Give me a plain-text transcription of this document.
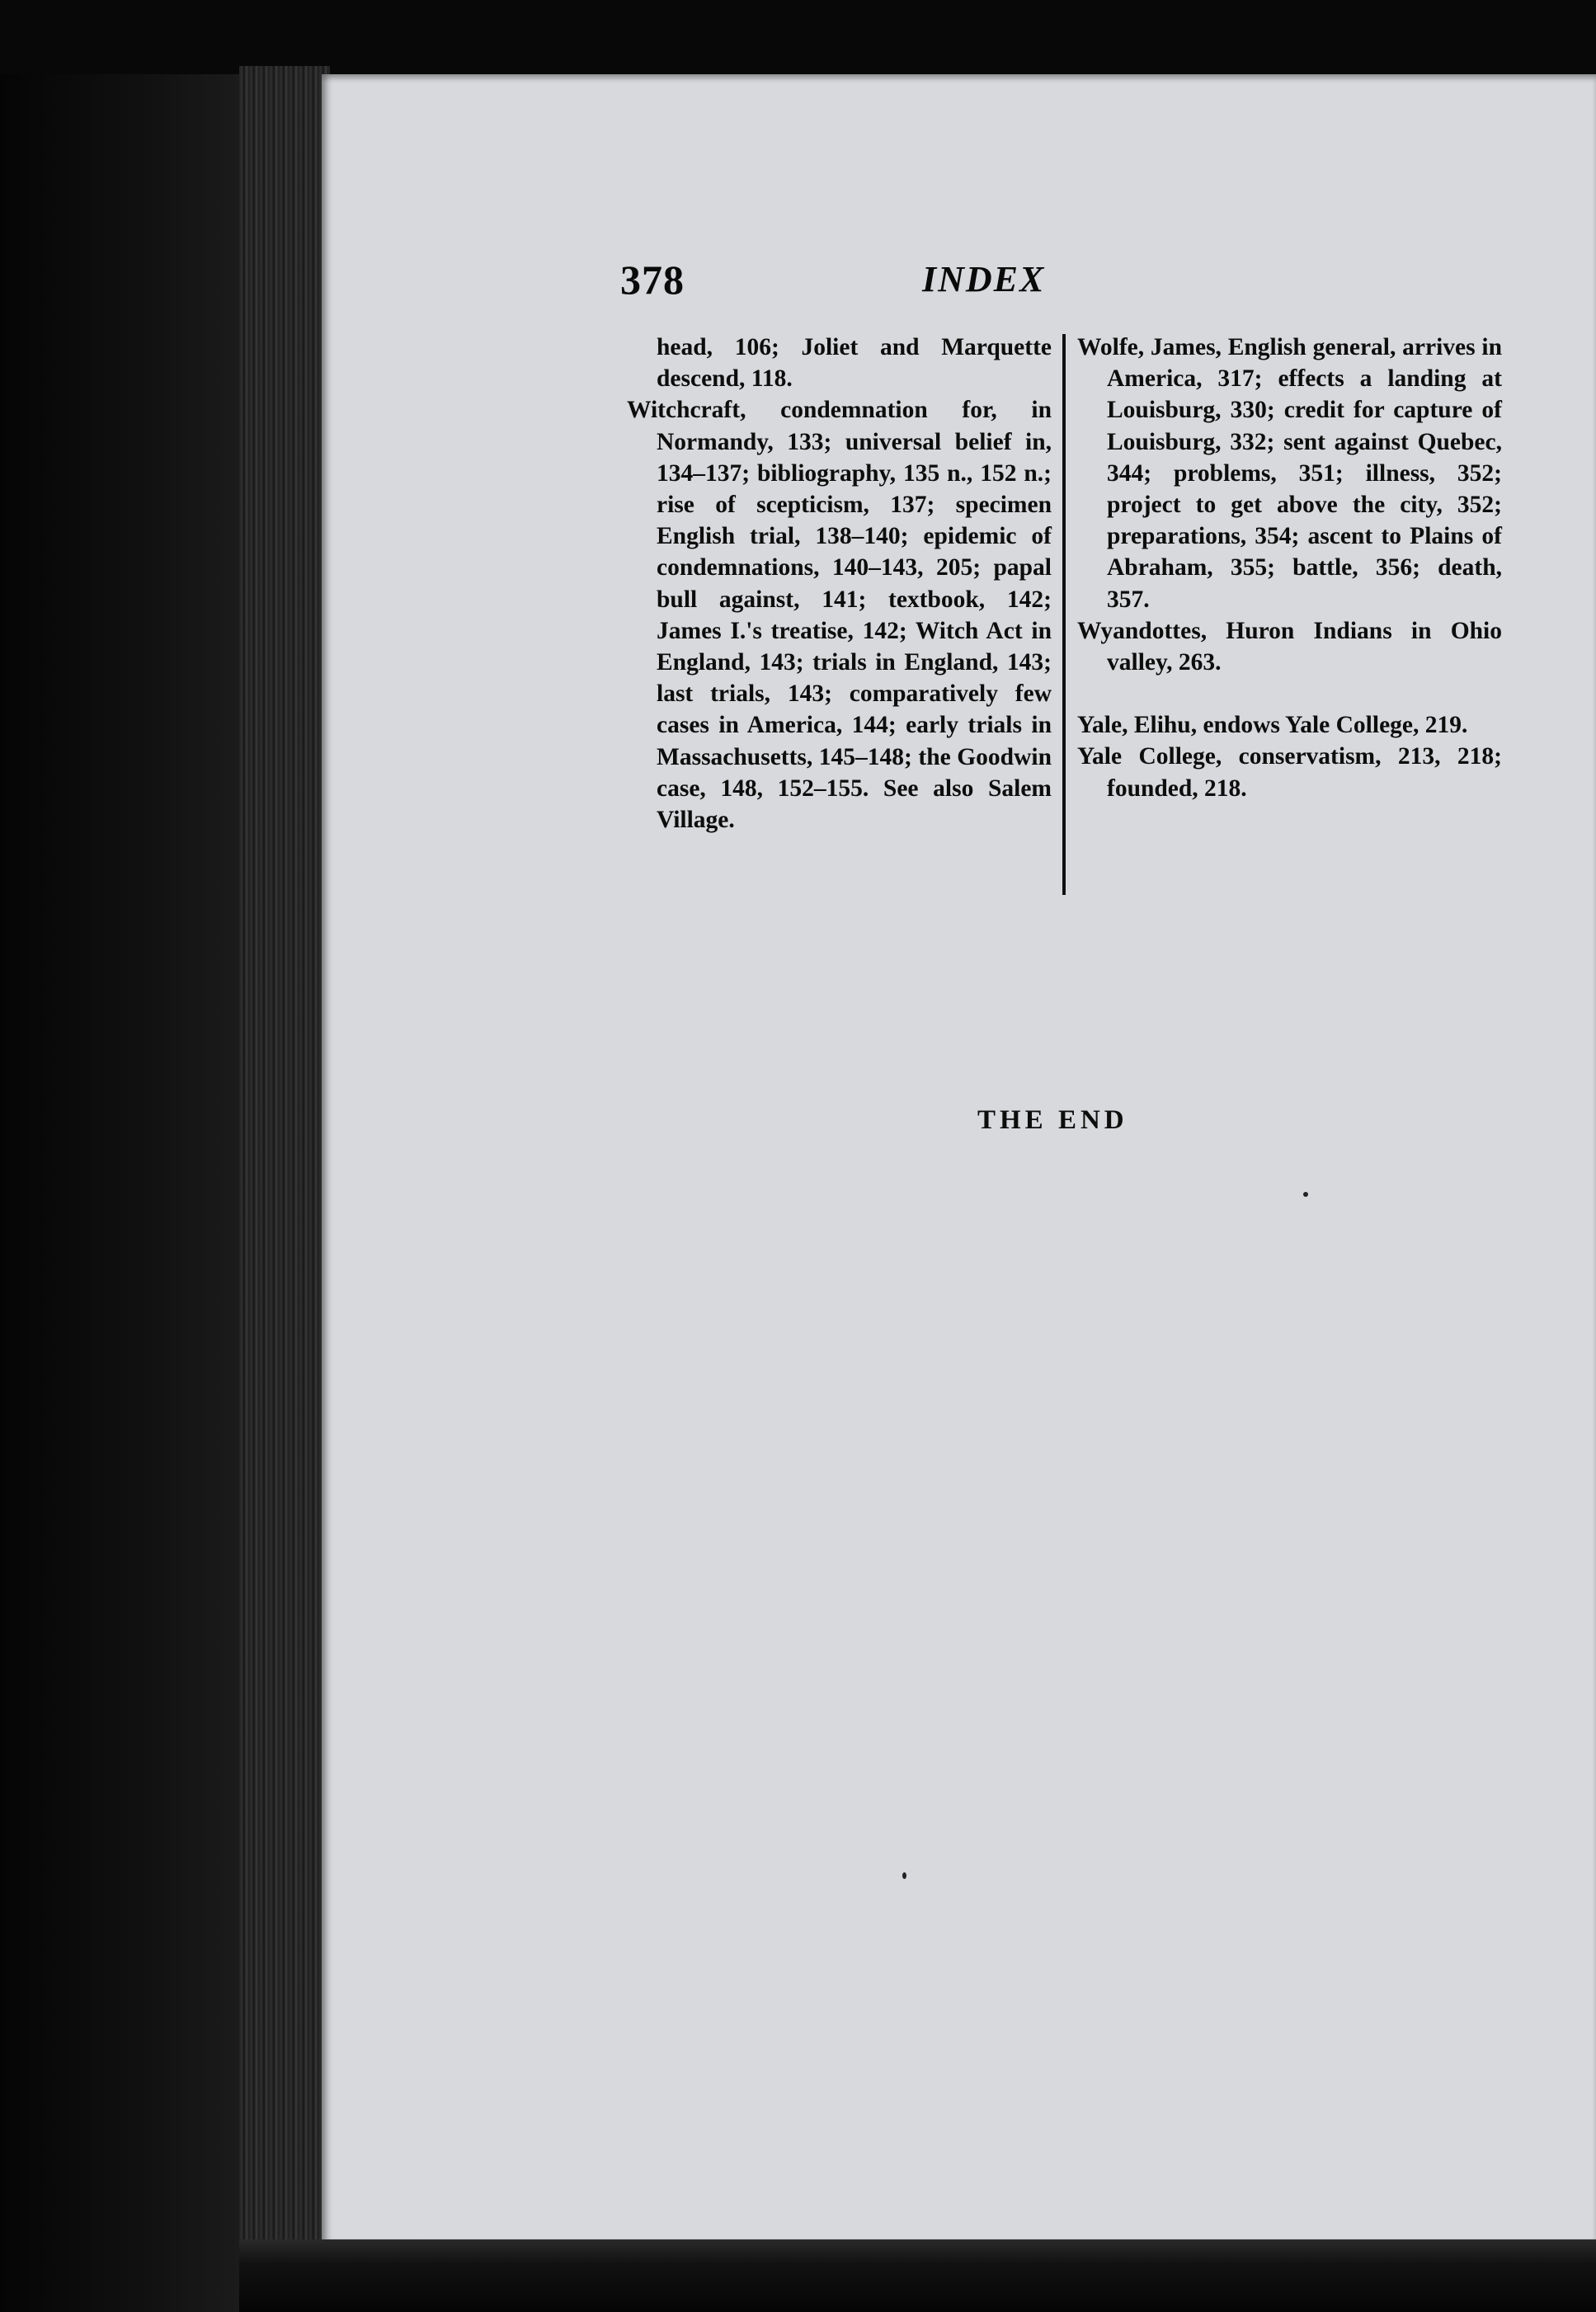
378	INDEX

head, 106; Joliet and Marquette descend, 118.

Witchcraft, condemnation for, in Normandy, 133; universal belief in, 134–137; bibliography, 135 n., 152 n.; rise of scepticism, 137; specimen English trial, 138–140; epidemic of condemnations, 140–143, 205; papal bull against, 141; textbook, 142; James I.'s treatise, 142; Witch Act in England, 143; trials in England, 143; last trials, 143; comparatively few cases in America, 144; early trials in Massachusetts, 145–148; the Goodwin case, 148, 152–155. See also Salem Village.

Wolfe, James, English general, arrives in America, 317; effects a landing at Louisburg, 330; credit for capture of Louisburg, 332; sent against Quebec, 344; problems, 351; illness, 352; project to get above the city, 352; preparations, 354; ascent to Plains of Abraham, 355; battle, 356; death, 357.

Wyandottes, Huron Indians in Ohio valley, 263.

Yale, Elihu, endows Yale College, 219.

Yale College, conservatism, 213, 218; founded, 218.

THE END
